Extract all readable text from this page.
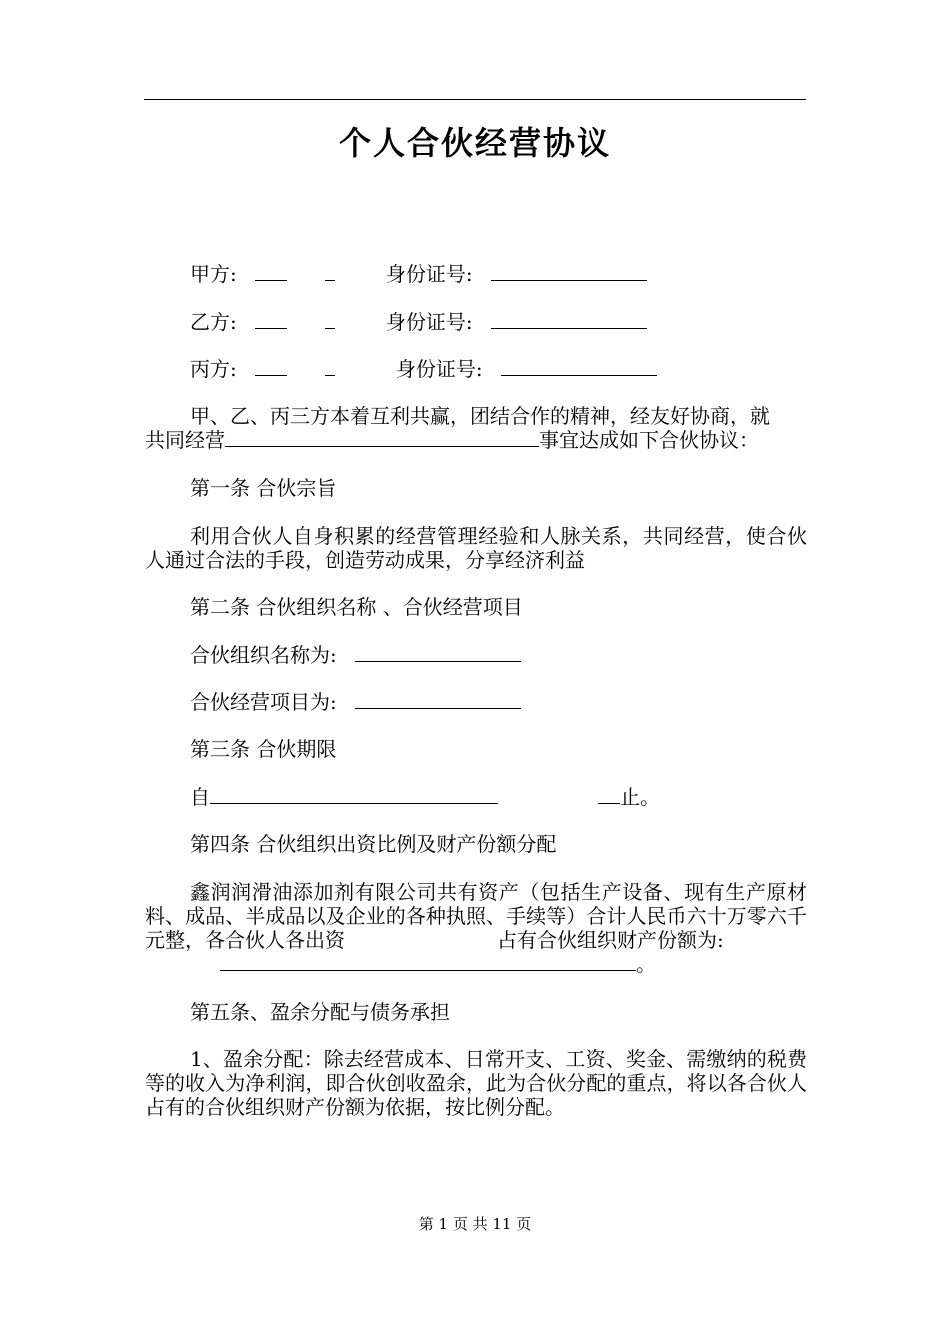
个人合伙经营协议
甲方:	身份证号:
乙方:	身份证号:
丙方:	身份证号:
甲、乙、丙三方本着互利共赢，团结合作的精神，经友好协商，就
共同经营	事宜达成如下合伙协议：
第一条 合伙宗旨
利用合伙人自身积累的经营管理经验和人脉关系，共同经营，使合伙人通过合法的手段，创造劳动成果，分享经济利益
第二条 合伙组织名称 、合伙经营项目
合伙组织名称为:
合伙经营项目为:
第三条 合伙期限
自	止。
第四条 合伙组织出资比例及财产份额分配
鑫润润滑油添加剂有限公司共有资产（包括生产设备、现有生产原材料、成品、半成品以及企业的各种执照、手续等）合计人民币六十万零六千元整，各合伙人各出资	占有合伙组织财产份额为:
。
第五条、盈余分配与债务承担
1、盈余分配：除去经营成本、日常开支、工资、奖金、需缴纳的税费等的收入为净利润，即合伙创收盈余，此为合伙分配的重点，将以各合伙人占有的合伙组织财产份额为依据，按比例分配。
第 1 页 共 11 页
